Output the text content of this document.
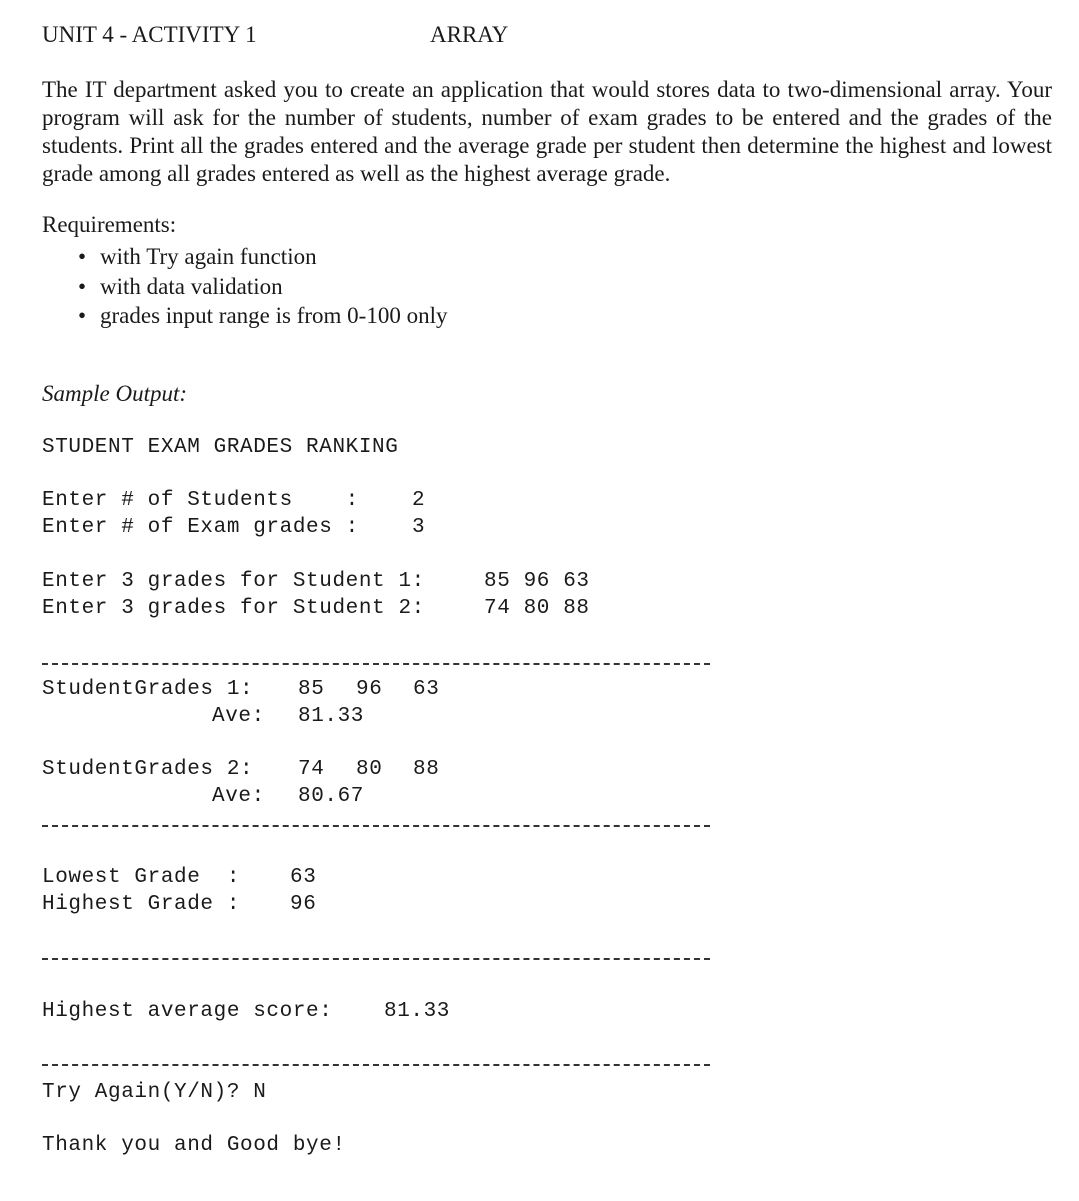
UNIT 4 - ACTIVITY 1	ARRAY
The IT department asked you to create an application that would stores data to two-dimensional array. Your program will ask for the number of students, number of exam grades to be entered and the grades of the students. Print all the grades entered and the average grade per student then determine the highest and lowest grade among all grades entered as well as the highest average grade.
Requirements:
• with Try again function
• with data validation
• grades input range is from 0-100 only
Sample Output:
STUDENT EXAM GRADES RANKING
Enter # of Students    :	2
Enter # of Exam grades :	3
Enter 3 grades for Student 1:	85 96 63
Enter 3 grades for Student 2:	74 80 88
StudentGrades 1: 85 96 63
Ave: 81.33
StudentGrades 2: 74 80 88
Ave: 80.67
Lowest Grade  : 63
Highest Grade : 96
Highest average score: 81.33
Try Again(Y/N)? N
Thank you and Good bye!
